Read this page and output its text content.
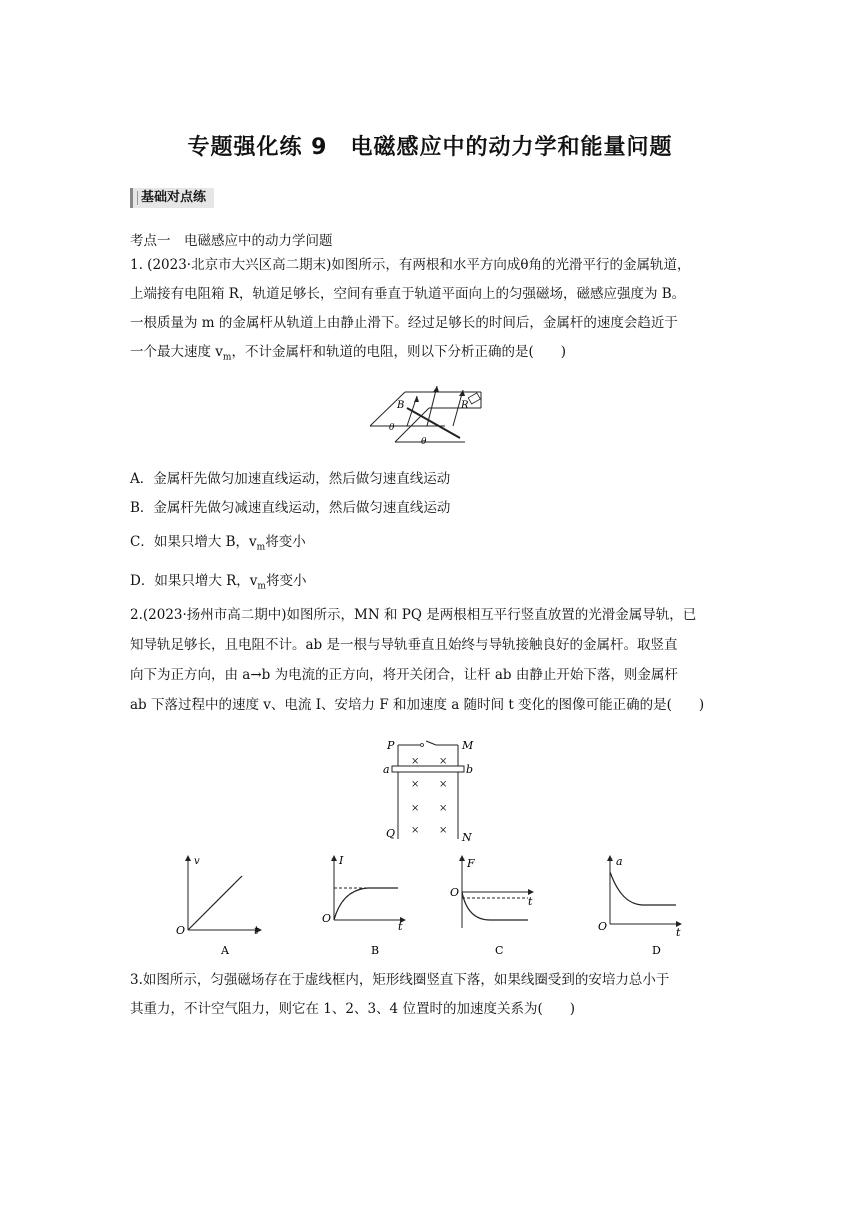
专题强化练 9　电磁感应中的动力学和能量问题
基础对点练
考点一　电磁感应中的动力学问题
1. (2023·北京市大兴区高二期末)如图所示，有两根和水平方向成θ角的光滑平行的金属轨道，
上端接有电阻箱 R，轨道足够长，空间有垂直于轨道平面向上的匀强磁场，磁感应强度为 B。
一根质量为 m 的金属杆从轨道上由静止滑下。经过足够长的时间后，金属杆的速度会趋近于
一个最大速度 $v_m$，不计金属杆和轨道的电阻，则以下分析正确的是(　　)
B	R
θ
θ
A．金属杆先做匀加速直线运动，然后做匀速直线运动
B．金属杆先做匀减速直线运动，然后做匀速直线运动
C．如果只增大 B，$v_m$将变小
D．如果只增大 R，$v_m$将变小
2.(2023·扬州市高二期中)如图所示，MN 和 PQ 是两根相互平行竖直放置的光滑金属导轨，已
知导轨足够长，且电阻不计。ab 是一根与导轨垂直且始终与导轨接触良好的金属杆。取竖直
向下为正方向，由 a→b 为电流的正方向，将开关闭合，让杆 ab 由静止开始下落，则金属杆
ab 下落过程中的速度 v、电流 I、安培力 F 和加速度 a 随时间 t 变化的图像可能正确的是(　　)
P	M
a	b
Q	N
× ×
× ×
× ×
× ×
v
t
O
A
I
t
O
B
F
t
O
C
a
t
O
D
3.如图所示，匀强磁场存在于虚线框内，矩形线圈竖直下落，如果线圈受到的安培力总小于
其重力，不计空气阻力，则它在 1、2、3、4 位置时的加速度关系为(　　)
